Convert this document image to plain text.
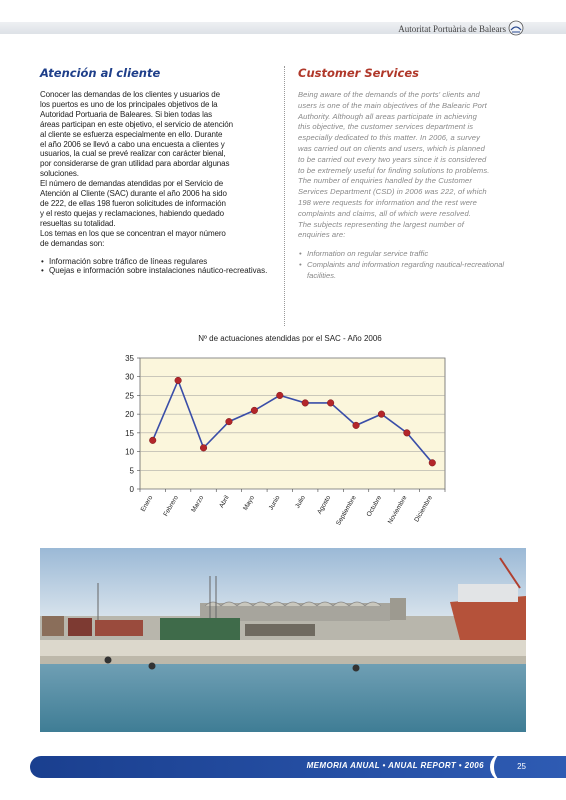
Autoritat Portuària de Balears
Atención al cliente
Conocer las demandas de los clientes y usuarios de
los puertos es uno de los principales objetivos de la
Autoridad Portuaria de Baleares. Si bien todas las
áreas participan en este objetivo, el servicio de atención
al cliente se esfuerza especialmente en ello. Durante
el año 2006 se llevó a cabo una encuesta a clientes y
usuarios, la cual se prevé realizar con carácter bienal,
por considerarse de gran utilidad para abordar algunas
soluciones.
El número de demandas atendidas por el Servicio de
Atención al Cliente (SAC) durante el año 2006 ha sido
de 222, de ellas 198 fueron solicitudes de información
y el resto quejas y reclamaciones, habiendo quedado
resueltas su totalidad.
Los temas en los que se concentran el mayor número
de demandas son:
• Información sobre tráfico de líneas regulares
• Quejas e información sobre instalaciones náutico-recreativas.
Customer Services
Being aware of the demands of the ports' clients and
users is one of the main objectives of the Balearic Port
Authority. Although all areas participate in achieving
this objective, the customer services department is
especially dedicated to this matter. In 2006, a survey
was carried out on clients and users, which is planned
to be carried out every two years since it is considered
to be extremely useful for finding solutions to problems.
The number of enquiries handled by the Customer
Services Department (CSD) in 2006 was 222, of which
198 were requests for information and the rest were
complaints and claims, all of which were resolved.
The subjects representing the largest number of
enquiries are:
• Information on regular service traffic
• Complaints and information regarding nautical-recreational facilities.
Nº de actuaciones atendidas por el SAC - Año 2006
0
5
10
15
20
25
30
35
Enero Febrero Marzo Abril Mayo Junio Julio Agosto Septiembre Octubre Noviembre Diciembre
MEMORIA ANUAL • ANUAL REPORT • 2006	25
